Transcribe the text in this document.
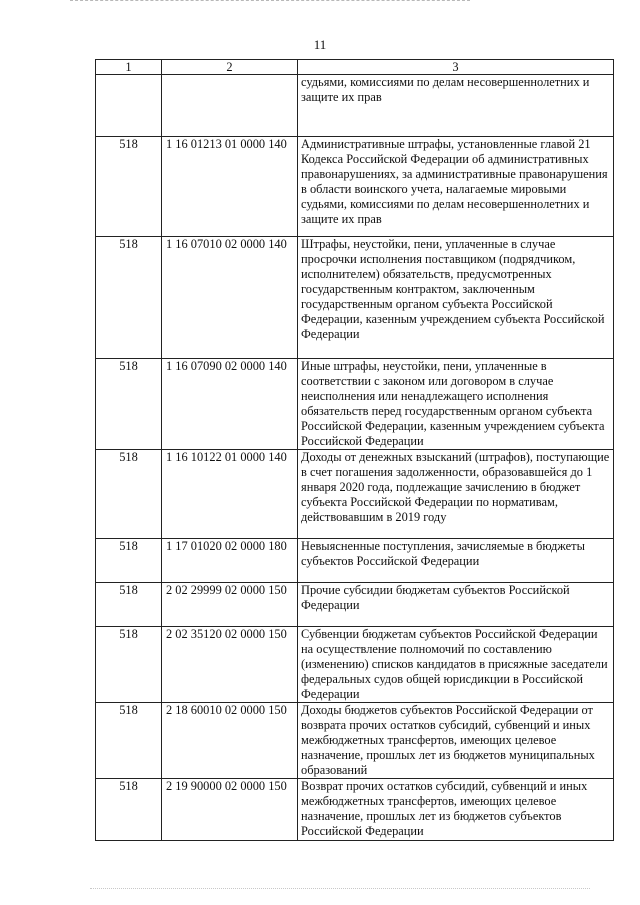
11
1	2	3
		судьями, комиссиями по делам несовершеннолетних и защите их прав
518	1 16 01213 01 0000 140	Административные штрафы, установленные главой 21 Кодекса Российской Федерации об административных правонарушениях, за административные правонарушения в области воинского учета, налагаемые мировыми судьями, комиссиями по делам несовершеннолетних и защите их прав
518	1 16 07010 02 0000 140	Штрафы, неустойки, пени, уплаченные в случае просрочки исполнения поставщиком (подрядчиком, исполнителем) обязательств, предусмотренных государственным контрактом, заключенным государственным органом субъекта Российской Федерации, казенным учреждением субъекта Российской Федерации
518	1 16 07090 02 0000 140	Иные штрафы, неустойки, пени, уплаченные в соответствии с законом или договором в случае неисполнения или ненадлежащего исполнения обязательств перед государственным органом субъекта Российской Федерации, казенным учреждением субъекта Российской Федерации
518	1 16 10122 01 0000 140	Доходы от денежных взысканий (штрафов), поступающие в счет погашения задолженности, образовавшейся до 1 января 2020 года, подлежащие зачислению в бюджет субъекта Российской Федерации по нормативам, действовавшим в 2019 году
518	1 17 01020 02 0000 180	Невыясненные поступления, зачисляемые в бюджеты субъектов Российской Федерации
518	2 02 29999 02 0000 150	Прочие субсидии бюджетам субъектов Российской Федерации
518	2 02 35120 02 0000 150	Субвенции бюджетам субъектов Российской Федерации на осуществление полномочий по составлению (изменению) списков кандидатов в присяжные заседатели федеральных судов общей юрисдикции в Российской Федерации
518	2 18 60010 02 0000 150	Доходы бюджетов субъектов Российской Федерации от возврата прочих остатков субсидий, субвенций и иных межбюджетных трансфертов, имеющих целевое назначение, прошлых лет из бюджетов муниципальных образований
518	2 19 90000 02 0000 150	Возврат прочих остатков субсидий, субвенций и иных межбюджетных трансфертов, имеющих целевое назначение, прошлых лет из бюджетов субъектов Российской Федерации
